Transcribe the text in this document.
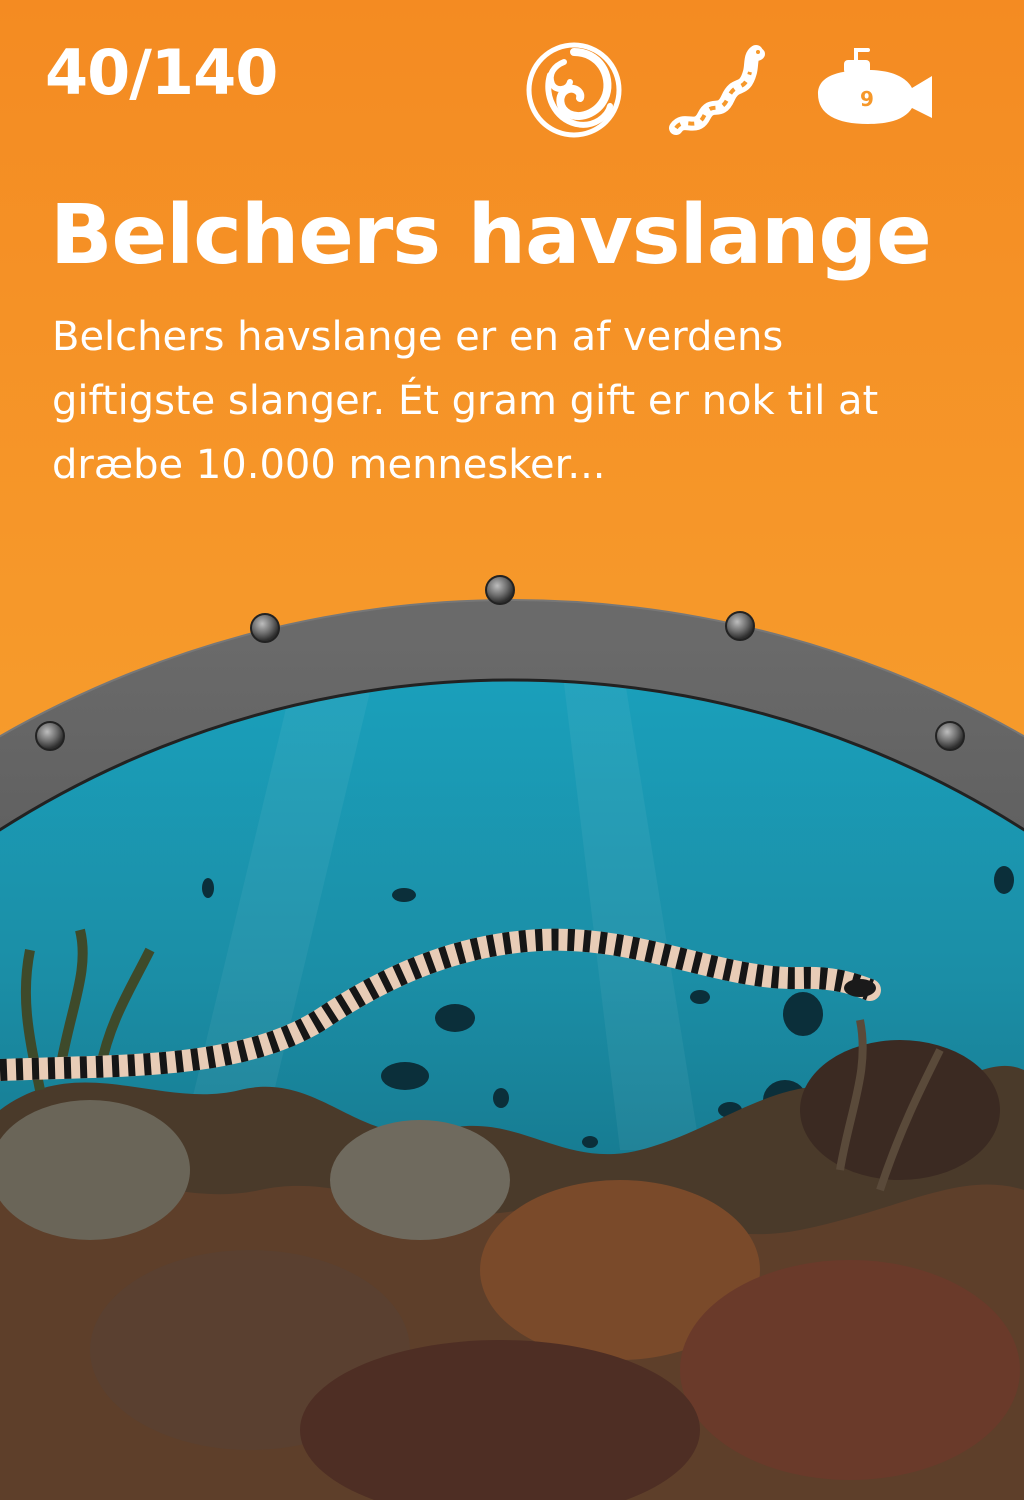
40/140	9
Belchers havslange

Belchers havslange er en af verdens giftigste slanger. Ét gram gift er nok til at dræbe 10.000 mennesker...
